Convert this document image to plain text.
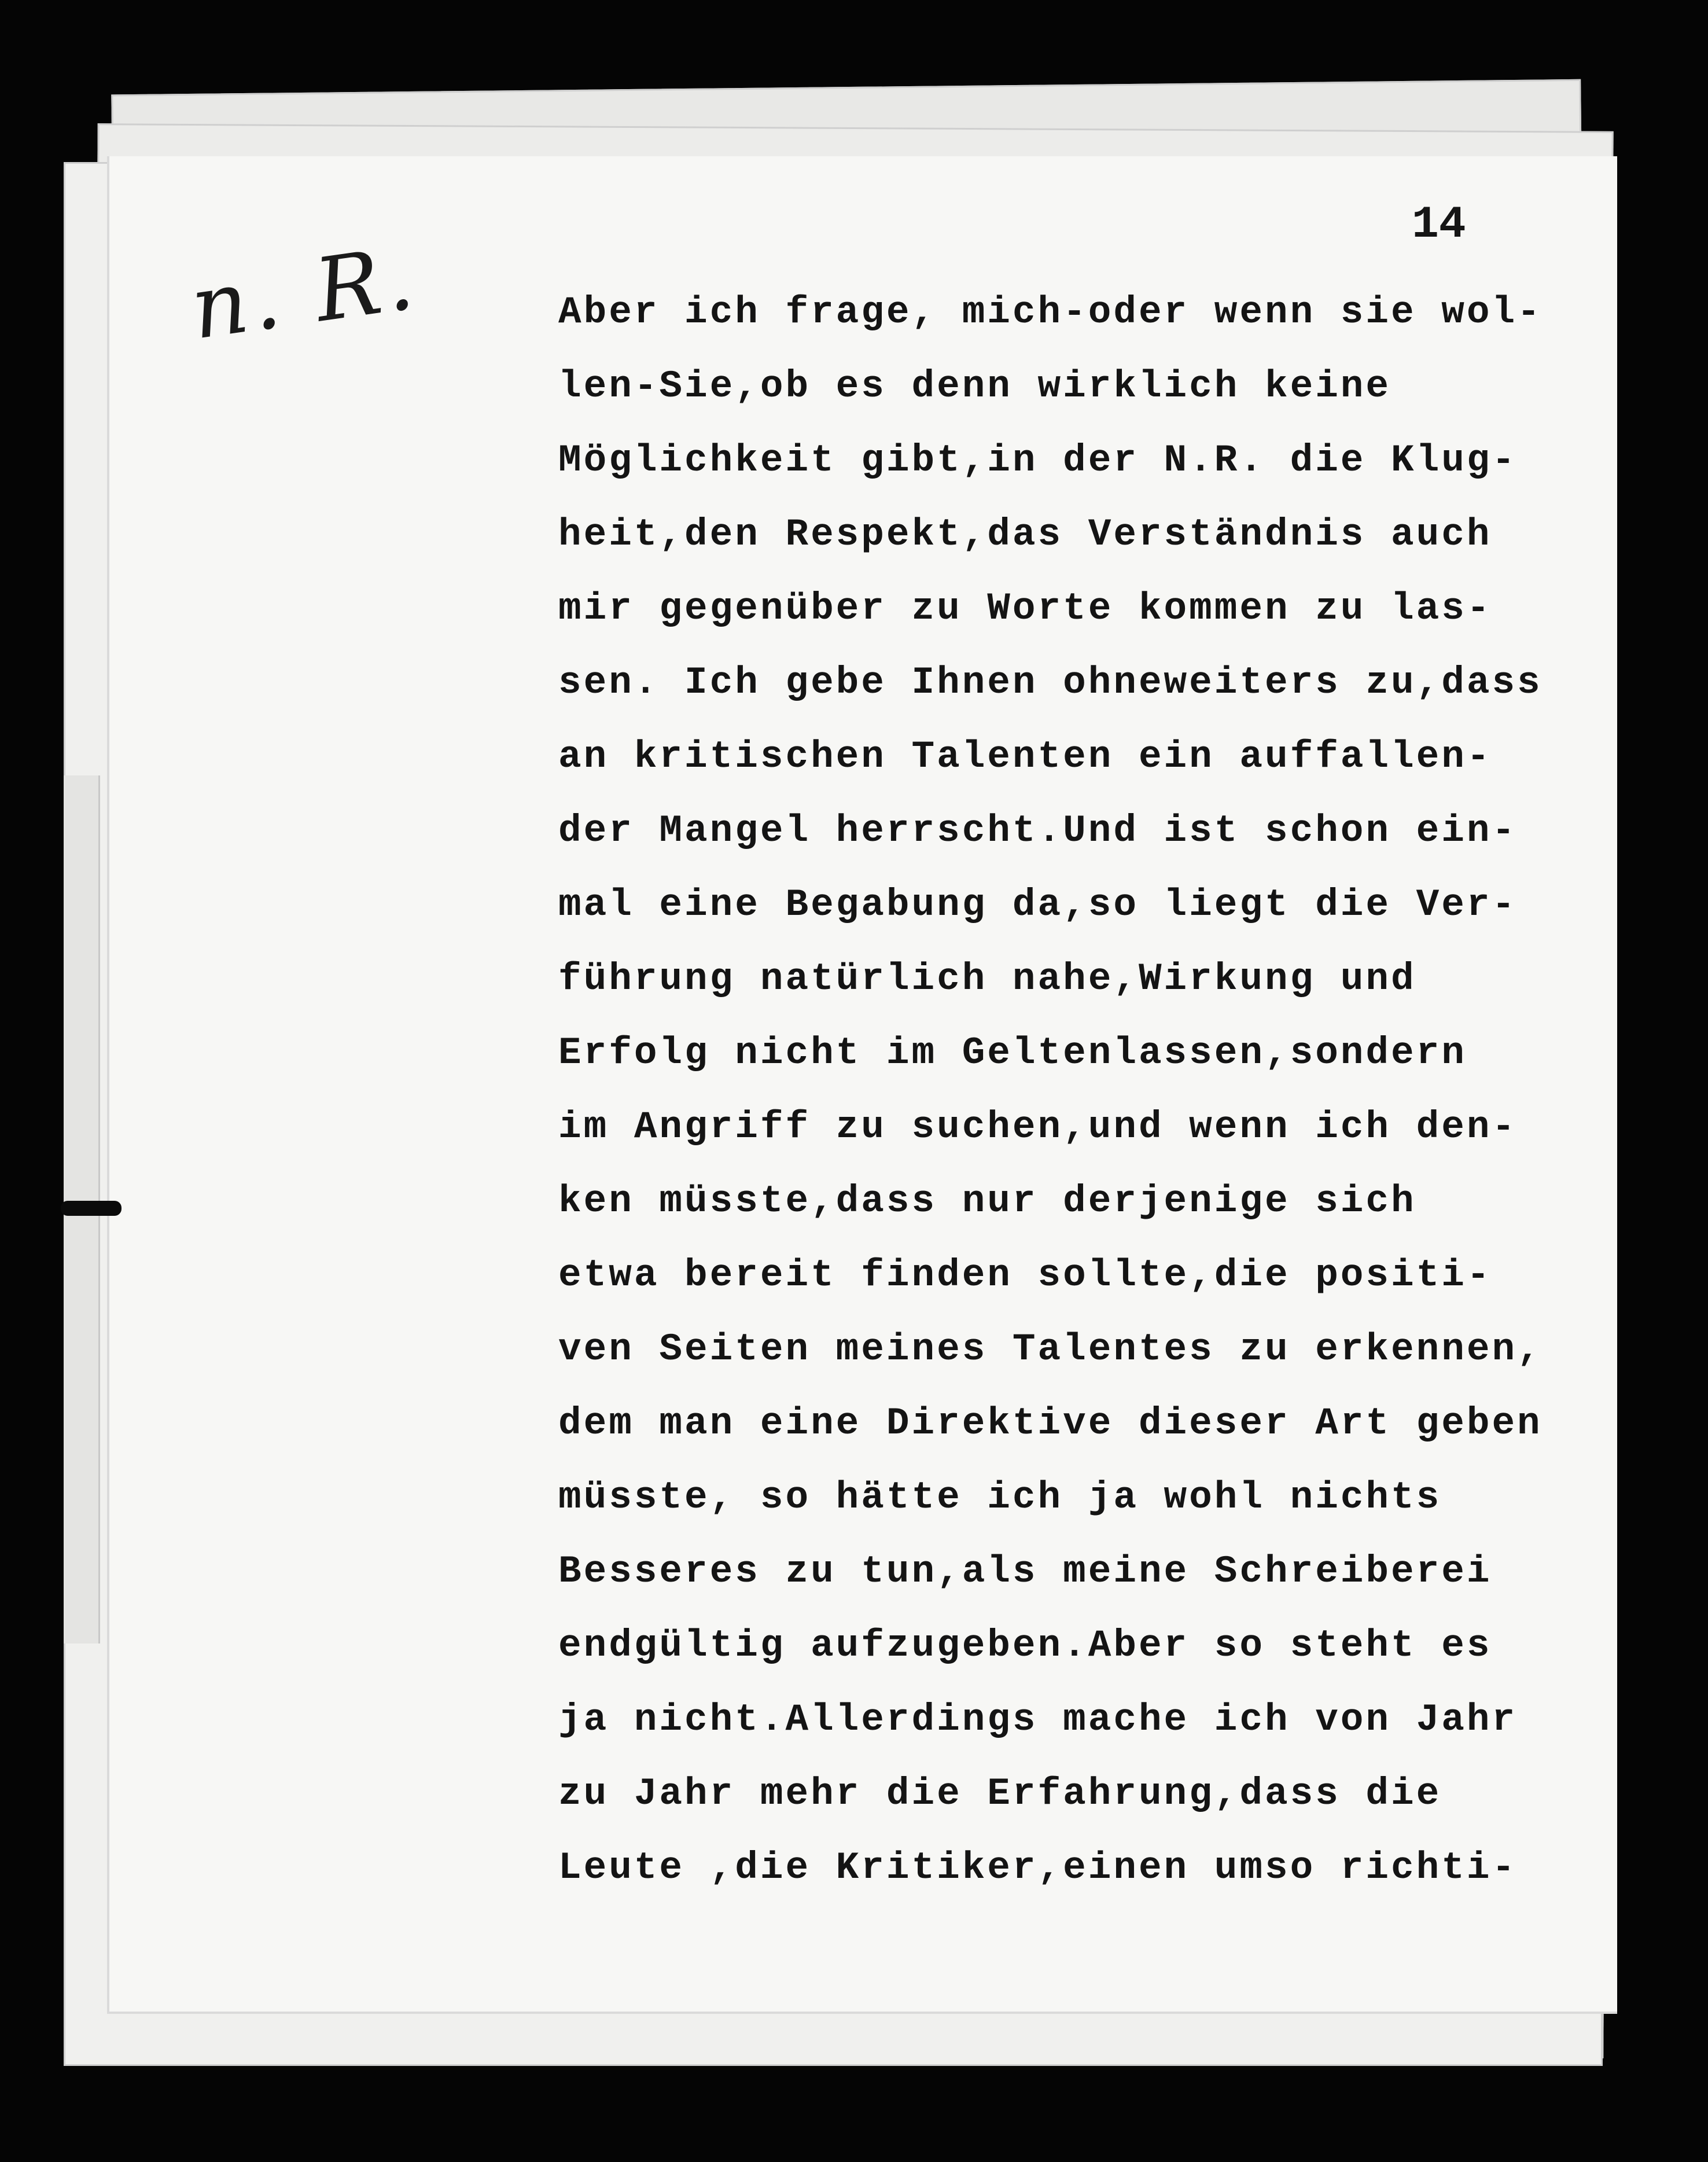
n. R.
14
Aber ich frage, mich-oder wenn sie wol-
len-Sie,ob es denn wirklich keine
Möglichkeit gibt,in der N.R. die Klug-
heit,den Respekt,das Verständnis auch
mir gegenüber zu Worte kommen zu las-
sen. Ich gebe Ihnen ohneweiters zu,dass
an kritischen Talenten ein auffallen-
der Mangel herrscht.Und ist schon ein-
mal eine Begabung da,so liegt die Ver-
führung natürlich nahe,Wirkung und
Erfolg nicht im Geltenlassen,sondern
im Angriff zu suchen,und wenn ich den-
ken müsste,dass nur derjenige sich
etwa bereit finden sollte,die positi-
ven Seiten meines Talentes zu erkennen,
dem man eine Direktive dieser Art geben
müsste, so hätte ich ja wohl nichts
Besseres zu tun,als meine Schreiberei
endgültig aufzugeben.Aber so steht es
ja nicht.Allerdings mache ich von Jahr
zu Jahr mehr die Erfahrung,dass die
Leute ,die Kritiker,einen umso richti-
